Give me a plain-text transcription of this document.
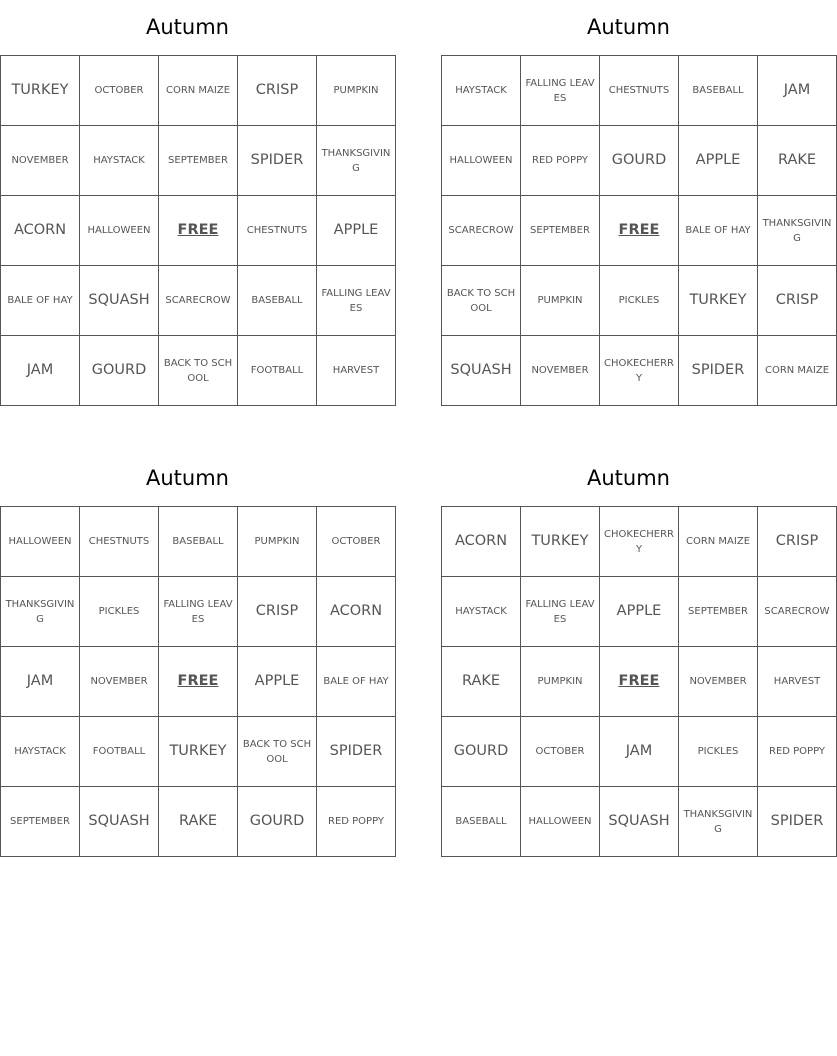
Autumn
TURKEY	OCTOBER	CORN MAIZE	CRISP	PUMPKIN
NOVEMBER	HAYSTACK	SEPTEMBER	SPIDER	THANKSGIVING
ACORN	HALLOWEEN	FREE	CHESTNUTS	APPLE
BALE OF HAY	SQUASH	SCARECROW	BASEBALL	FALLING LEAVES
JAM	GOURD	BACK TO SCHOOL	FOOTBALL	HARVEST
Autumn
HAYSTACK	FALLING LEAVES	CHESTNUTS	BASEBALL	JAM
HALLOWEEN	RED POPPY	GOURD	APPLE	RAKE
SCARECROW	SEPTEMBER	FREE	BALE OF HAY	THANKSGIVING
BACK TO SCHOOL	PUMPKIN	PICKLES	TURKEY	CRISP
SQUASH	NOVEMBER	CHOKECHERRY	SPIDER	CORN MAIZE
Autumn
HALLOWEEN	CHESTNUTS	BASEBALL	PUMPKIN	OCTOBER
THANKSGIVING	PICKLES	FALLING LEAVES	CRISP	ACORN
JAM	NOVEMBER	FREE	APPLE	BALE OF HAY
HAYSTACK	FOOTBALL	TURKEY	BACK TO SCHOOL	SPIDER
SEPTEMBER	SQUASH	RAKE	GOURD	RED POPPY
Autumn
ACORN	TURKEY	CHOKECHERRY	CORN MAIZE	CRISP
HAYSTACK	FALLING LEAVES	APPLE	SEPTEMBER	SCARECROW
RAKE	PUMPKIN	FREE	NOVEMBER	HARVEST
GOURD	OCTOBER	JAM	PICKLES	RED POPPY
BASEBALL	HALLOWEEN	SQUASH	THANKSGIVING	SPIDER
